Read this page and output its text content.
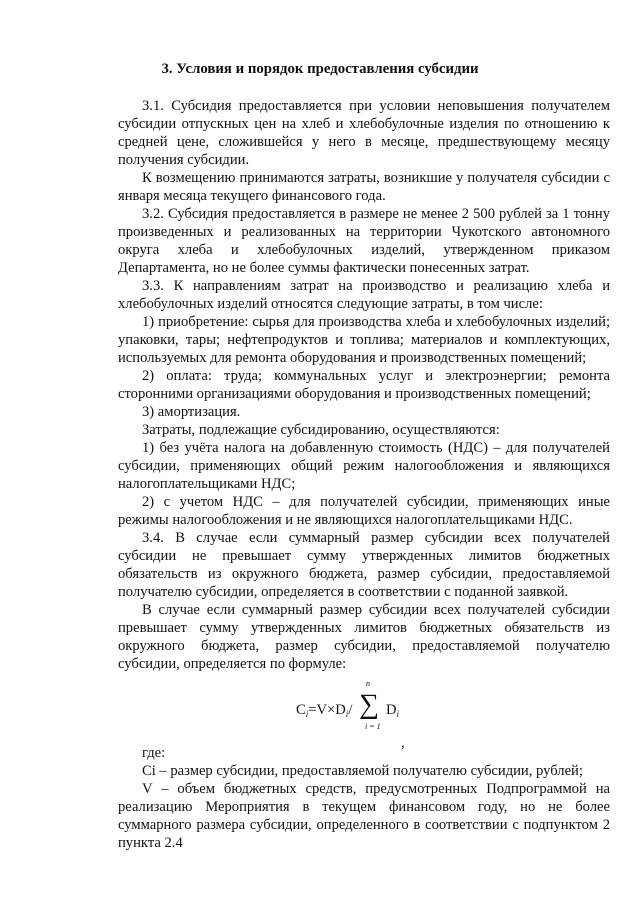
3. Условия и порядок предоставления субсидии

3.1. Субсидия предоставляется при условии неповышения получателем субсидии отпускных цен на хлеб и хлебобулочные изделия по отношению к средней цене, сложившейся у него в месяце, предшествующему месяцу получения субсидии.

К возмещению принимаются затраты, возникшие у получателя субсидии с января месяца текущего финансового года.

3.2. Субсидия предоставляется в размере не менее 2 500 рублей за 1 тонну произведенных и реализованных на территории Чукотского автономного округа хлеба и хлебобулочных изделий, утвержденном приказом Департамента, но не более суммы фактически понесенных затрат.

3.3. К направлениям затрат на производство и реализацию хлеба и хлебобулочных изделий относятся следующие затраты, в том числе:

1) приобретение: сырья для производства хлеба и хлебобулочных изделий; упаковки, тары; нефтепродуктов и топлива; материалов и комплектующих, используемых для ремонта оборудования и производственных помещений;

2) оплата: труда; коммунальных услуг и электроэнергии; ремонта сторонними организациями оборудования и производственных помещений;

3) амортизация.

Затраты, подлежащие субсидированию, осуществляются:

1) без учёта налога на добавленную стоимость (НДС) – для получателей субсидии, применяющих общий режим налогообложения и являющихся налогоплательщиками НДС;

2) с учетом НДС – для получателей субсидии, применяющих иные режимы налогообложения и не являющихся налогоплательщиками НДС.

3.4. В случае если суммарный размер субсидии всех получателей субсидии не превышает сумму утвержденных лимитов бюджетных обязательств из окружного бюджета, размер субсидии, предоставляемой получателю субсидии, определяется в соответствии с поданной заявкой.

В случае если суммарный размер субсидии всех получателей субсидии превышает сумму утвержденных лимитов бюджетных обязательств из окружного бюджета, размер субсидии, предоставляемой получателю субсидии, определяется по формуле:

$C_i=V\times D_i/$
n
∑
i = 1
$D_i$
,

где:

Ci – размер субсидии, предоставляемой получателю субсидии, рублей;

V – объем бюджетных средств, предусмотренных Подпрограммой на реализацию Мероприятия в текущем финансовом году, но не более суммарного размера субсидии, определенного в соответствии с подпунктом 2 пункта 2.4
